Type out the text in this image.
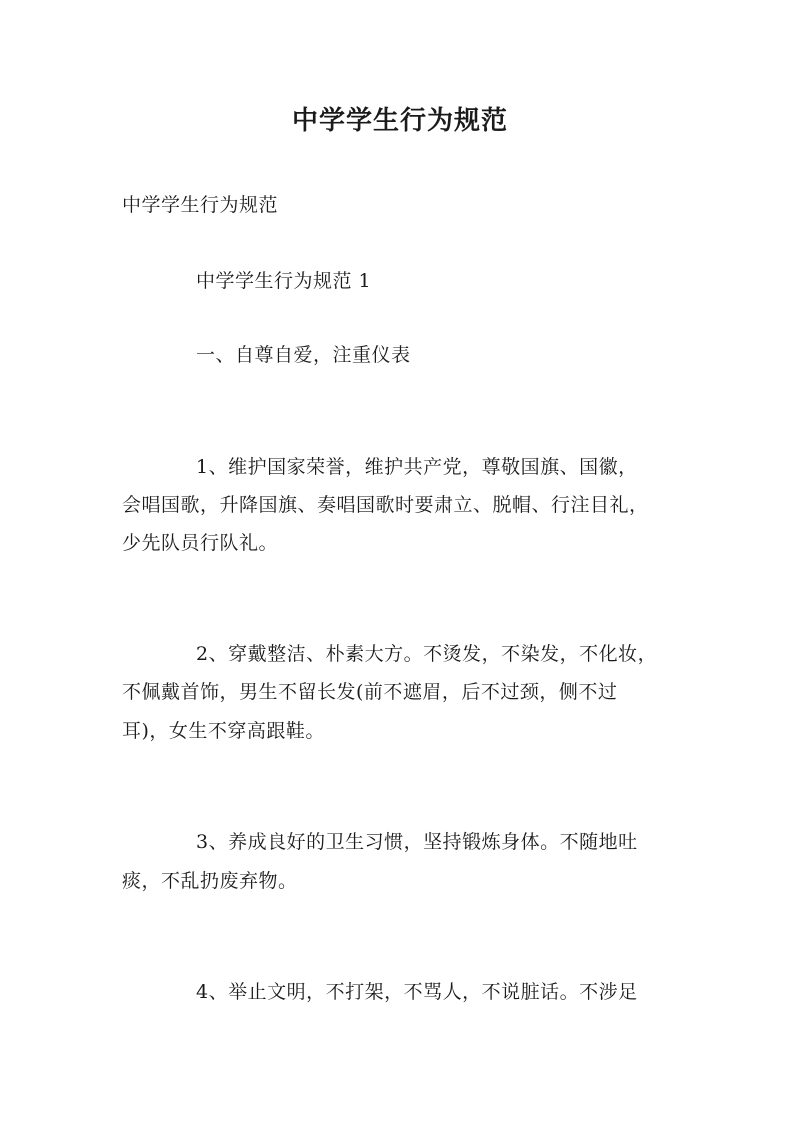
中学学生行为规范
中学学生行为规范
中学学生行为规范 1
一、自尊自爱，注重仪表
1、维护国家荣誉，维护共产党，尊敬国旗、国徽，
会唱国歌，升降国旗、奏唱国歌时要肃立、脱帽、行注目礼，
少先队员行队礼。
2、穿戴整洁、朴素大方。不烫发，不染发，不化妆，
不佩戴首饰，男生不留长发(前不遮眉，后不过颈，侧不过
耳)，女生不穿高跟鞋。
3、养成良好的卫生习惯，坚持锻炼身体。不随地吐
痰，不乱扔废弃物。
4、举止文明，不打架，不骂人，不说脏话。不涉足
